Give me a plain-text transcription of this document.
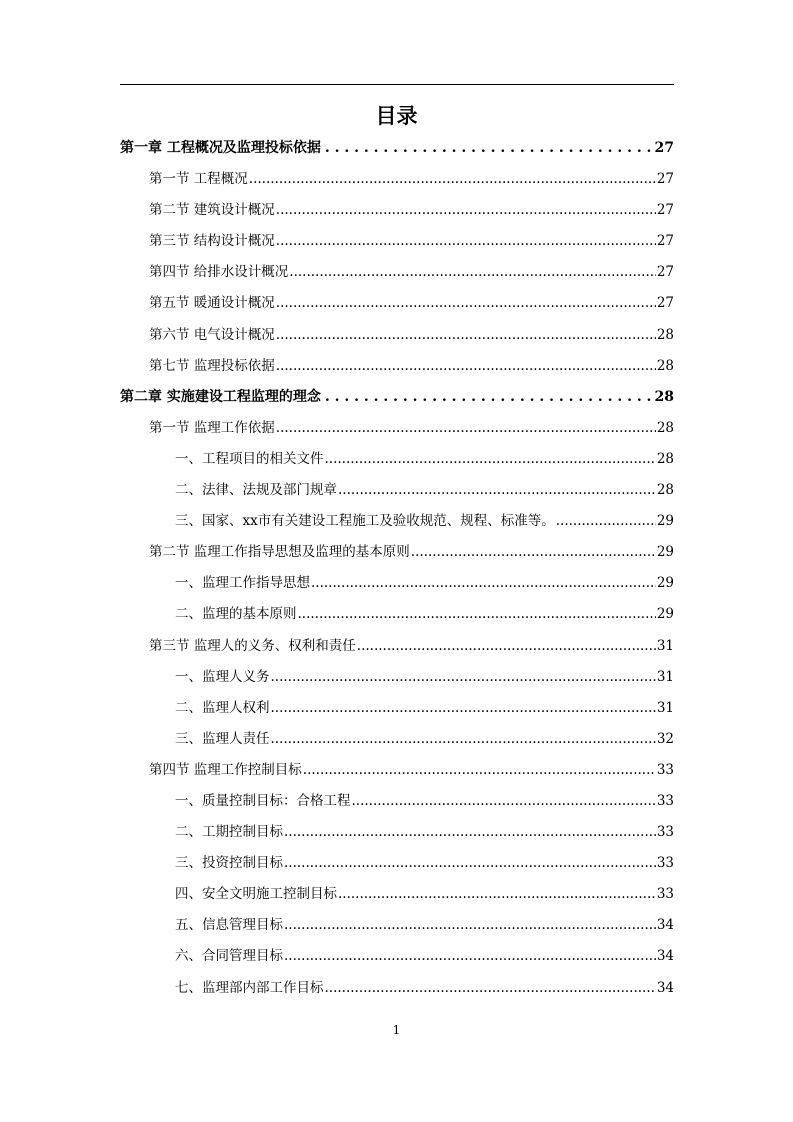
目录
第一章 工程概况及监理投标依据 . . .	27
第一节 工程概况 .....	27
第二节 建筑设计概况 .....	27
第三节 结构设计概况 .....	27
第四节 给排水设计概况 .....	27
第五节 暖通设计概况 .....	27
第六节 电气设计概况 .....	28
第七节 监理投标依据 .....	28
第二章 实施建设工程监理的理念 . . .	28
第一节 监理工作依据 .....	28
一、工程项目的相关文件 .....	28
二、法律、法规及部门规章 .....	28
三、国家、xx市有关建设工程施工及验收规范、规程、标准等。 .....	29
第二节 监理工作指导思想及监理的基本原则 .....	29
一、监理工作指导思想 .....	29
二、监理的基本原则 .....	29
第三节 监理人的义务、权利和责任 .....	31
一、监理人义务 .....	31
二、监理人权利 .....	31
三、监理人责任 .....	32
第四节 监理工作控制目标 .....	33
一、质量控制目标：合格工程 .....	33
二、工期控制目标 .....	33
三、投资控制目标 .....	33
四、安全文明施工控制目标 .....	33
五、信息管理目标 .....	34
六、合同管理目标 .....	34
七、监理部内部工作目标 .....	34
1
